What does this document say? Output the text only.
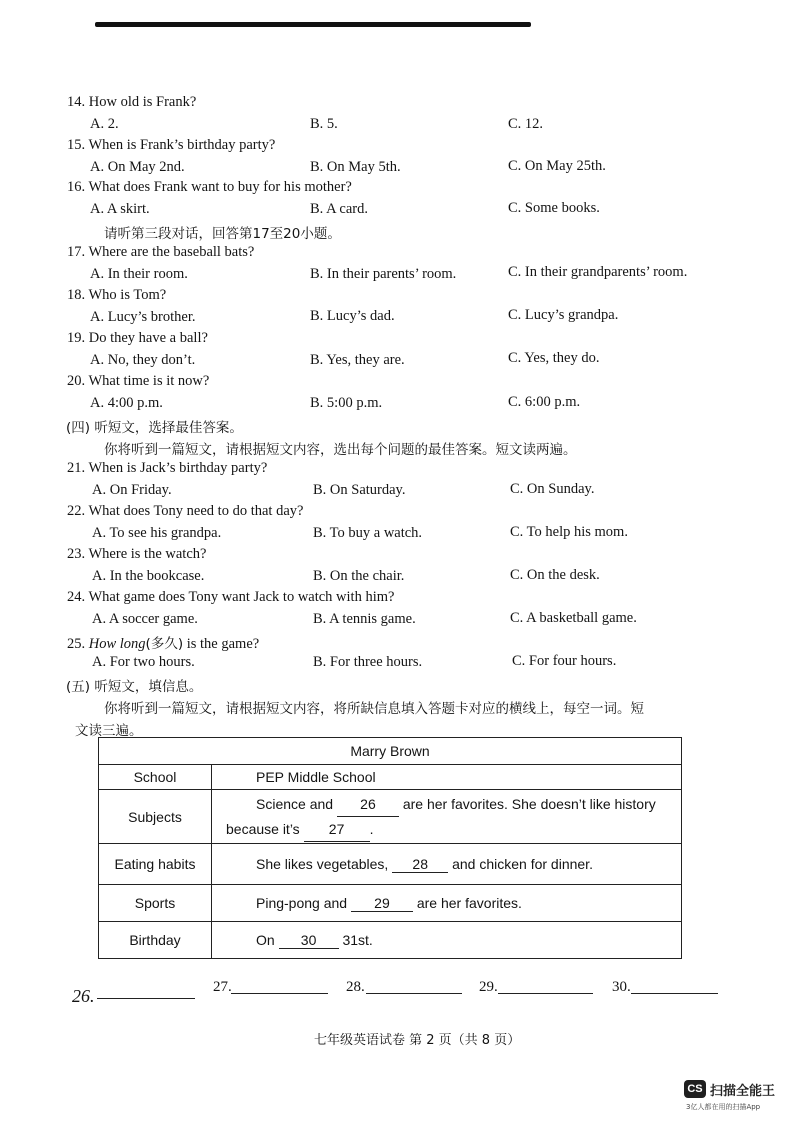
14. How old is Frank?
A. 2.	B. 5.	C. 12.
15. When is Frank’s birthday party?
A. On May 2nd.	B. On May 5th.	C. On May 25th.
16. What does Frank want to buy for his mother?
A. A skirt.	B. A card.	C. Some books.
请听第三段对话，回答第17至20小题。
17. Where are the baseball bats?
A. In their room.	B. In their parents’ room.	C. In their grandparents’ room.
18. Who is Tom?
A. Lucy’s brother.	B. Lucy’s dad.	C. Lucy’s grandpa.
19. Do they have a ball?
A. No, they don’t.	B. Yes, they are.	C. Yes, they do.
20. What time is it now?
A. 4:00 p.m.	B. 5:00 p.m.	C. 6:00 p.m.
(四) 听短文，选择最佳答案。
你将听到一篇短文，请根据短文内容，选出每个问题的最佳答案。短文读两遍。
21. When is Jack’s birthday party?
A. On Friday.	B. On Saturday.	C. On Sunday.
22. What does Tony need to do that day?
A. To see his grandpa.	B. To buy a watch.	C. To help his mom.
23. Where is the watch?
A. In the bookcase.	B. On the chair.	C. On the desk.
24. What game does Tony want Jack to watch with him?
A. A soccer game.	B. A tennis game.	C. A basketball game.
25. How long(多久) is the game?
A. For two hours.	B. For three hours.	C. For four hours.
(五) 听短文，填信息。
你将听到一篇短文，请根据短文内容，将所缺信息填入答题卡对应的横线上，每空一词。短
文读三遍。
Marry Brown	
School	PEP Middle School
Subjects	Science and 26 are her favorites. She doesn’t like history
because it’s 27 .

Eating habits	She likes vegetables, 28 and chicken for dinner.
Sports	Ping-pong and 29 are her favorites.
Birthday	On 30 31st.
26.	27.	28.	29.	30.
七年级英语试卷 第 2 页（共 8 页）
CS 扫描全能王
3亿人都在用的扫描App
